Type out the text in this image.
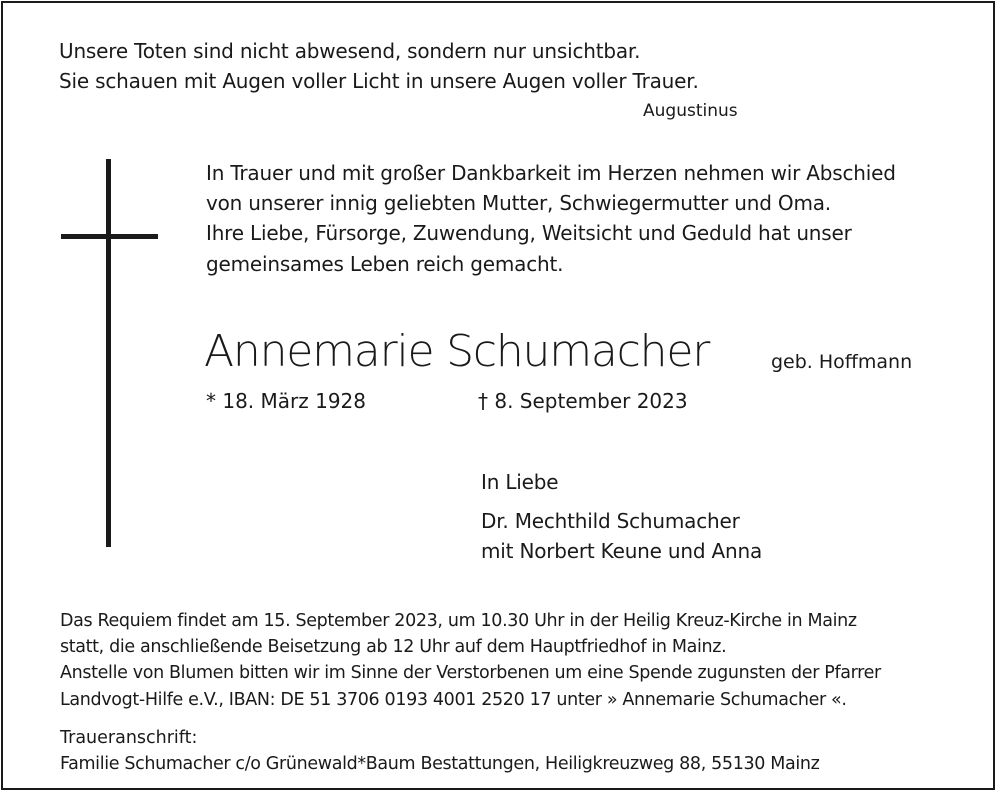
Unsere Toten sind nicht abwesend, sondern nur unsichtbar.
Sie schauen mit Augen voller Licht in unsere Augen voller Trauer.
Augustinus
In Trauer und mit großer Dankbarkeit im Herzen nehmen wir Abschied
von unserer innig geliebten Mutter, Schwiegermutter und Oma.
Ihre Liebe, Fürsorge, Zuwendung, Weitsicht und Geduld hat unser
gemeinsames Leben reich gemacht.
Annemarie Schumacher	geb. Hoffmann
* 18. März 1928	† 8. September 2023
In Liebe
Dr. Mechthild Schumacher
mit Norbert Keune und Anna
Das Requiem findet am 15. September 2023, um 10.30 Uhr in der Heilig Kreuz-Kirche in Mainz
statt, die anschließende Beisetzung ab 12 Uhr auf dem Hauptfriedhof in Mainz.
Anstelle von Blumen bitten wir im Sinne der Verstorbenen um eine Spende zugunsten der Pfarrer
Landvogt-Hilfe e.V., IBAN: DE 51 3706 0193 4001 2520 17 unter » Annemarie Schumacher «.
Traueranschrift:
Familie Schumacher c/o Grünewald*Baum Bestattungen, Heiligkreuzweg 88, 55130 Mainz
